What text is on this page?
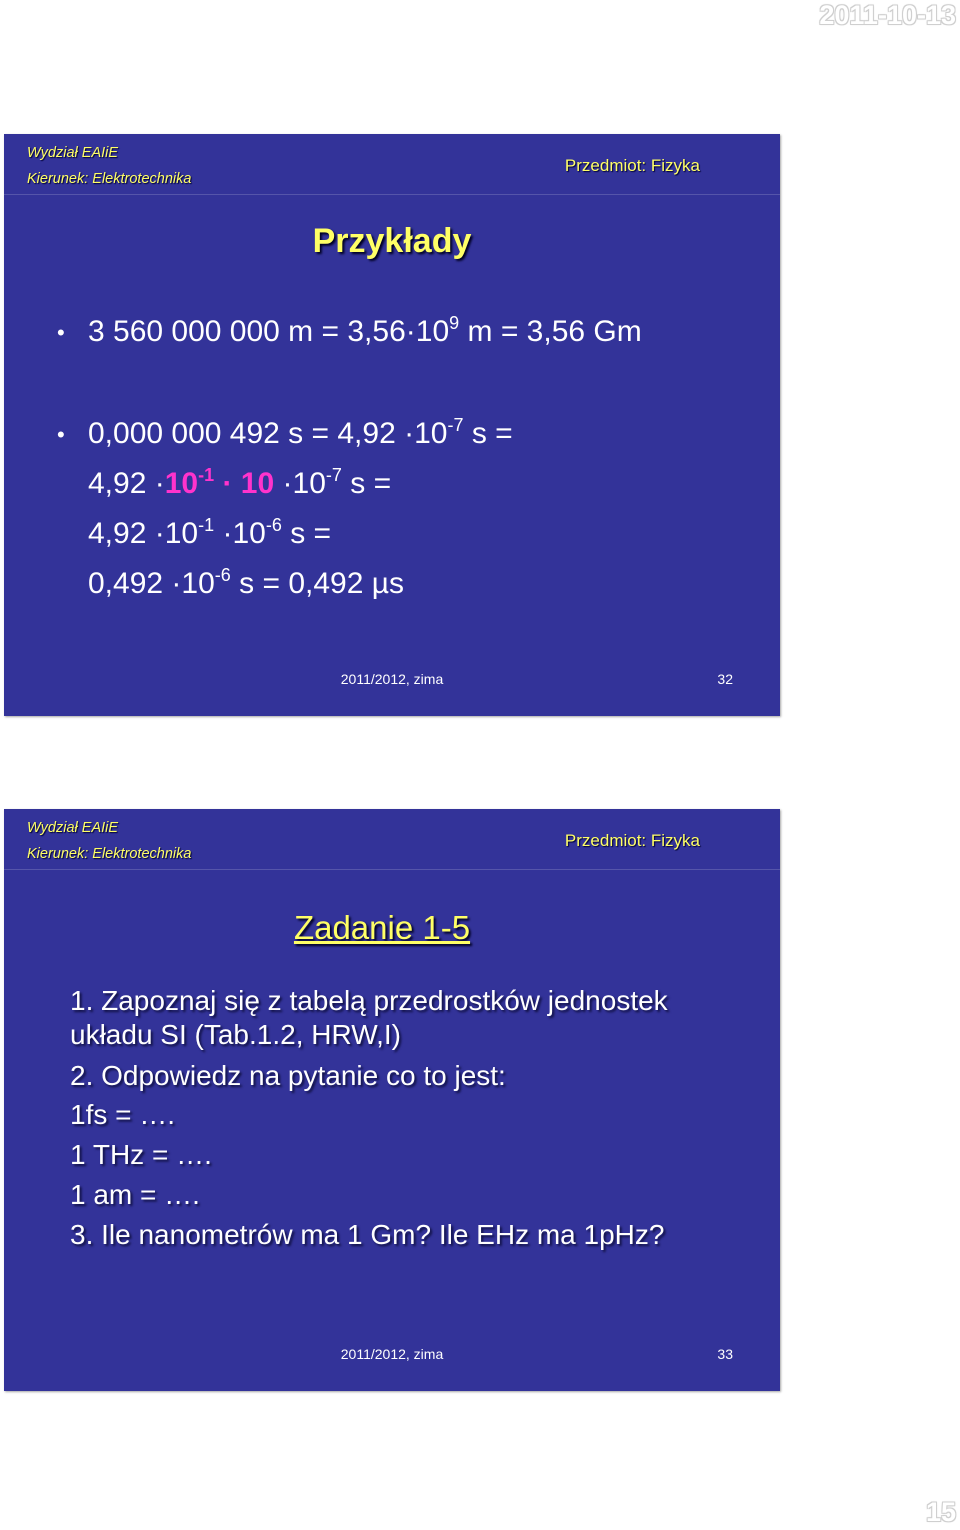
2011-10-13
Wydział EAIiE
Kierunek: Elektrotechnika
Przedmiot: Fizyka
Przykłady
• 3 560 000 000 $m = 3,56\cdot 10^9$ m = 3,56 Gm
• 0,000 000 492 $s = 4,92 \cdot 10^{-7}$ s =
$4,92 \cdot 10^{-1} \cdot 10 \cdot 10^{-7}$ s =
$4,92 \cdot 10^{-1} \cdot 10^{-6}$ s =
$0,492 \cdot 10^{-6}$ s = 0,492 µs
2011/2012, zima	32
Wydział EAIiE
Kierunek: Elektrotechnika
Przedmiot: Fizyka
Zadanie 1-5
1. Zapoznaj się z tabelą przedrostków jednostek
układu SI (Tab.1.2, HRW,I)
2. Odpowiedz na pytanie co to jest:
1fs = ….
1 THz = ….
1 am = ….
3. Ile nanometrów ma 1 Gm? Ile EHz ma 1pHz?
2011/2012, zima	33
15
